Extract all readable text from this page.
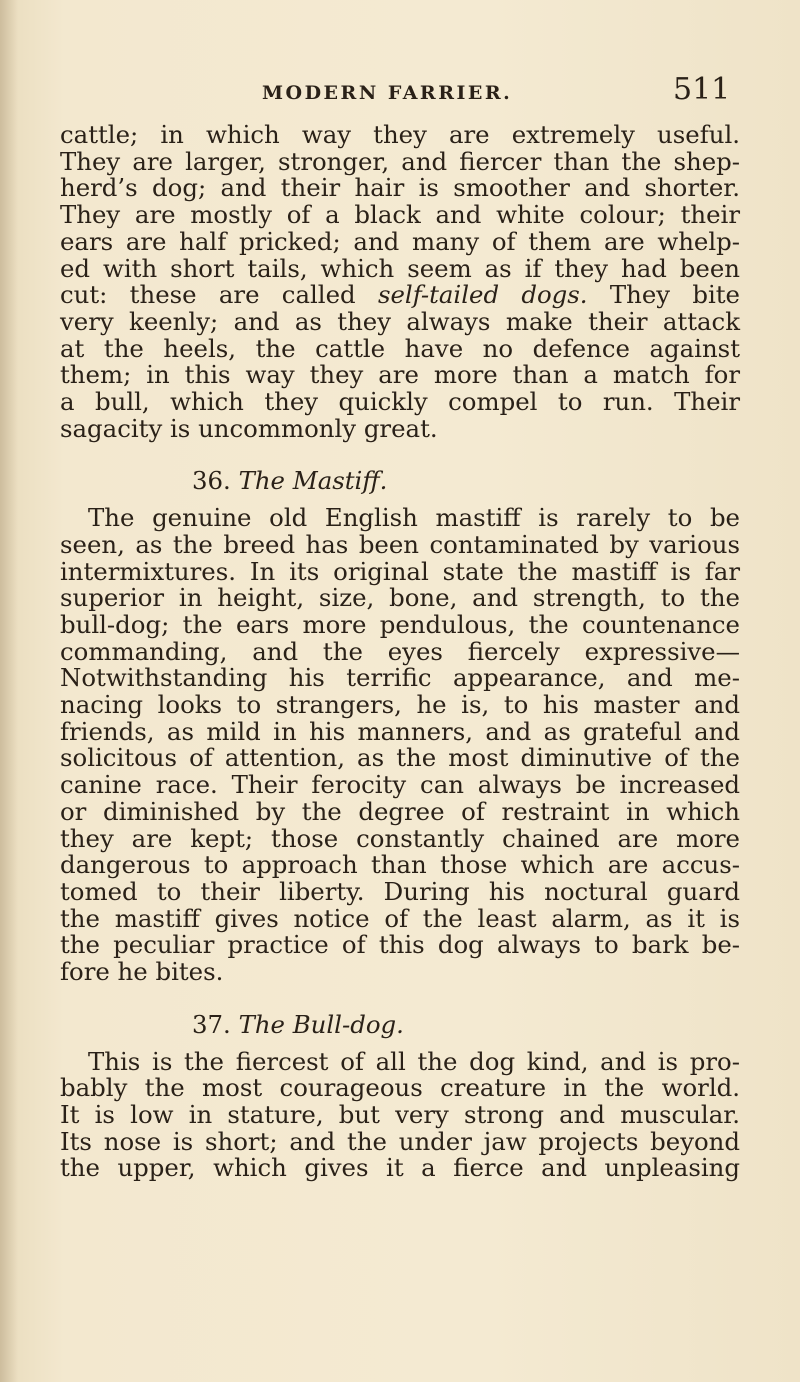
MODERN FARRIER.	511
cattle; in which way they are extremely useful.
They are larger, stronger, and fiercer than the shep-
herd’s dog; and their hair is smoother and shorter.
They are mostly of a black and white colour; their
ears are half pricked; and many of them are whelp-
ed with short tails, which seem as if they had been
cut: these are called self-tailed dogs. They bite
very keenly; and as they always make their attack
at the heels, the cattle have no defence against
them; in this way they are more than a match for
a bull, which they quickly compel to run. Their
sagacity is uncommonly great.
36. The Mastiff.
The genuine old English mastiff is rarely to be
seen, as the breed has been contaminated by various
intermixtures. In its original state the mastiff is far
superior in height, size, bone, and strength, to the
bull-dog; the ears more pendulous, the countenance
commanding, and the eyes fiercely expressive—
Notwithstanding his terrific appearance, and me-
nacing looks to strangers, he is, to his master and
friends, as mild in his manners, and as grateful and
solicitous of attention, as the most diminutive of the
canine race. Their ferocity can always be increased
or diminished by the degree of restraint in which
they are kept; those constantly chained are more
dangerous to approach than those which are accus-
tomed to their liberty. During his noctural guard
the mastiff gives notice of the least alarm, as it is
the peculiar practice of this dog always to bark be-
fore he bites.
37. The Bull-dog.
This is the fiercest of all the dog kind, and is pro-
bably the most courageous creature in the world.
It is low in stature, but very strong and muscular.
Its nose is short; and the under jaw projects beyond
the upper, which gives it a fierce and unpleasing
